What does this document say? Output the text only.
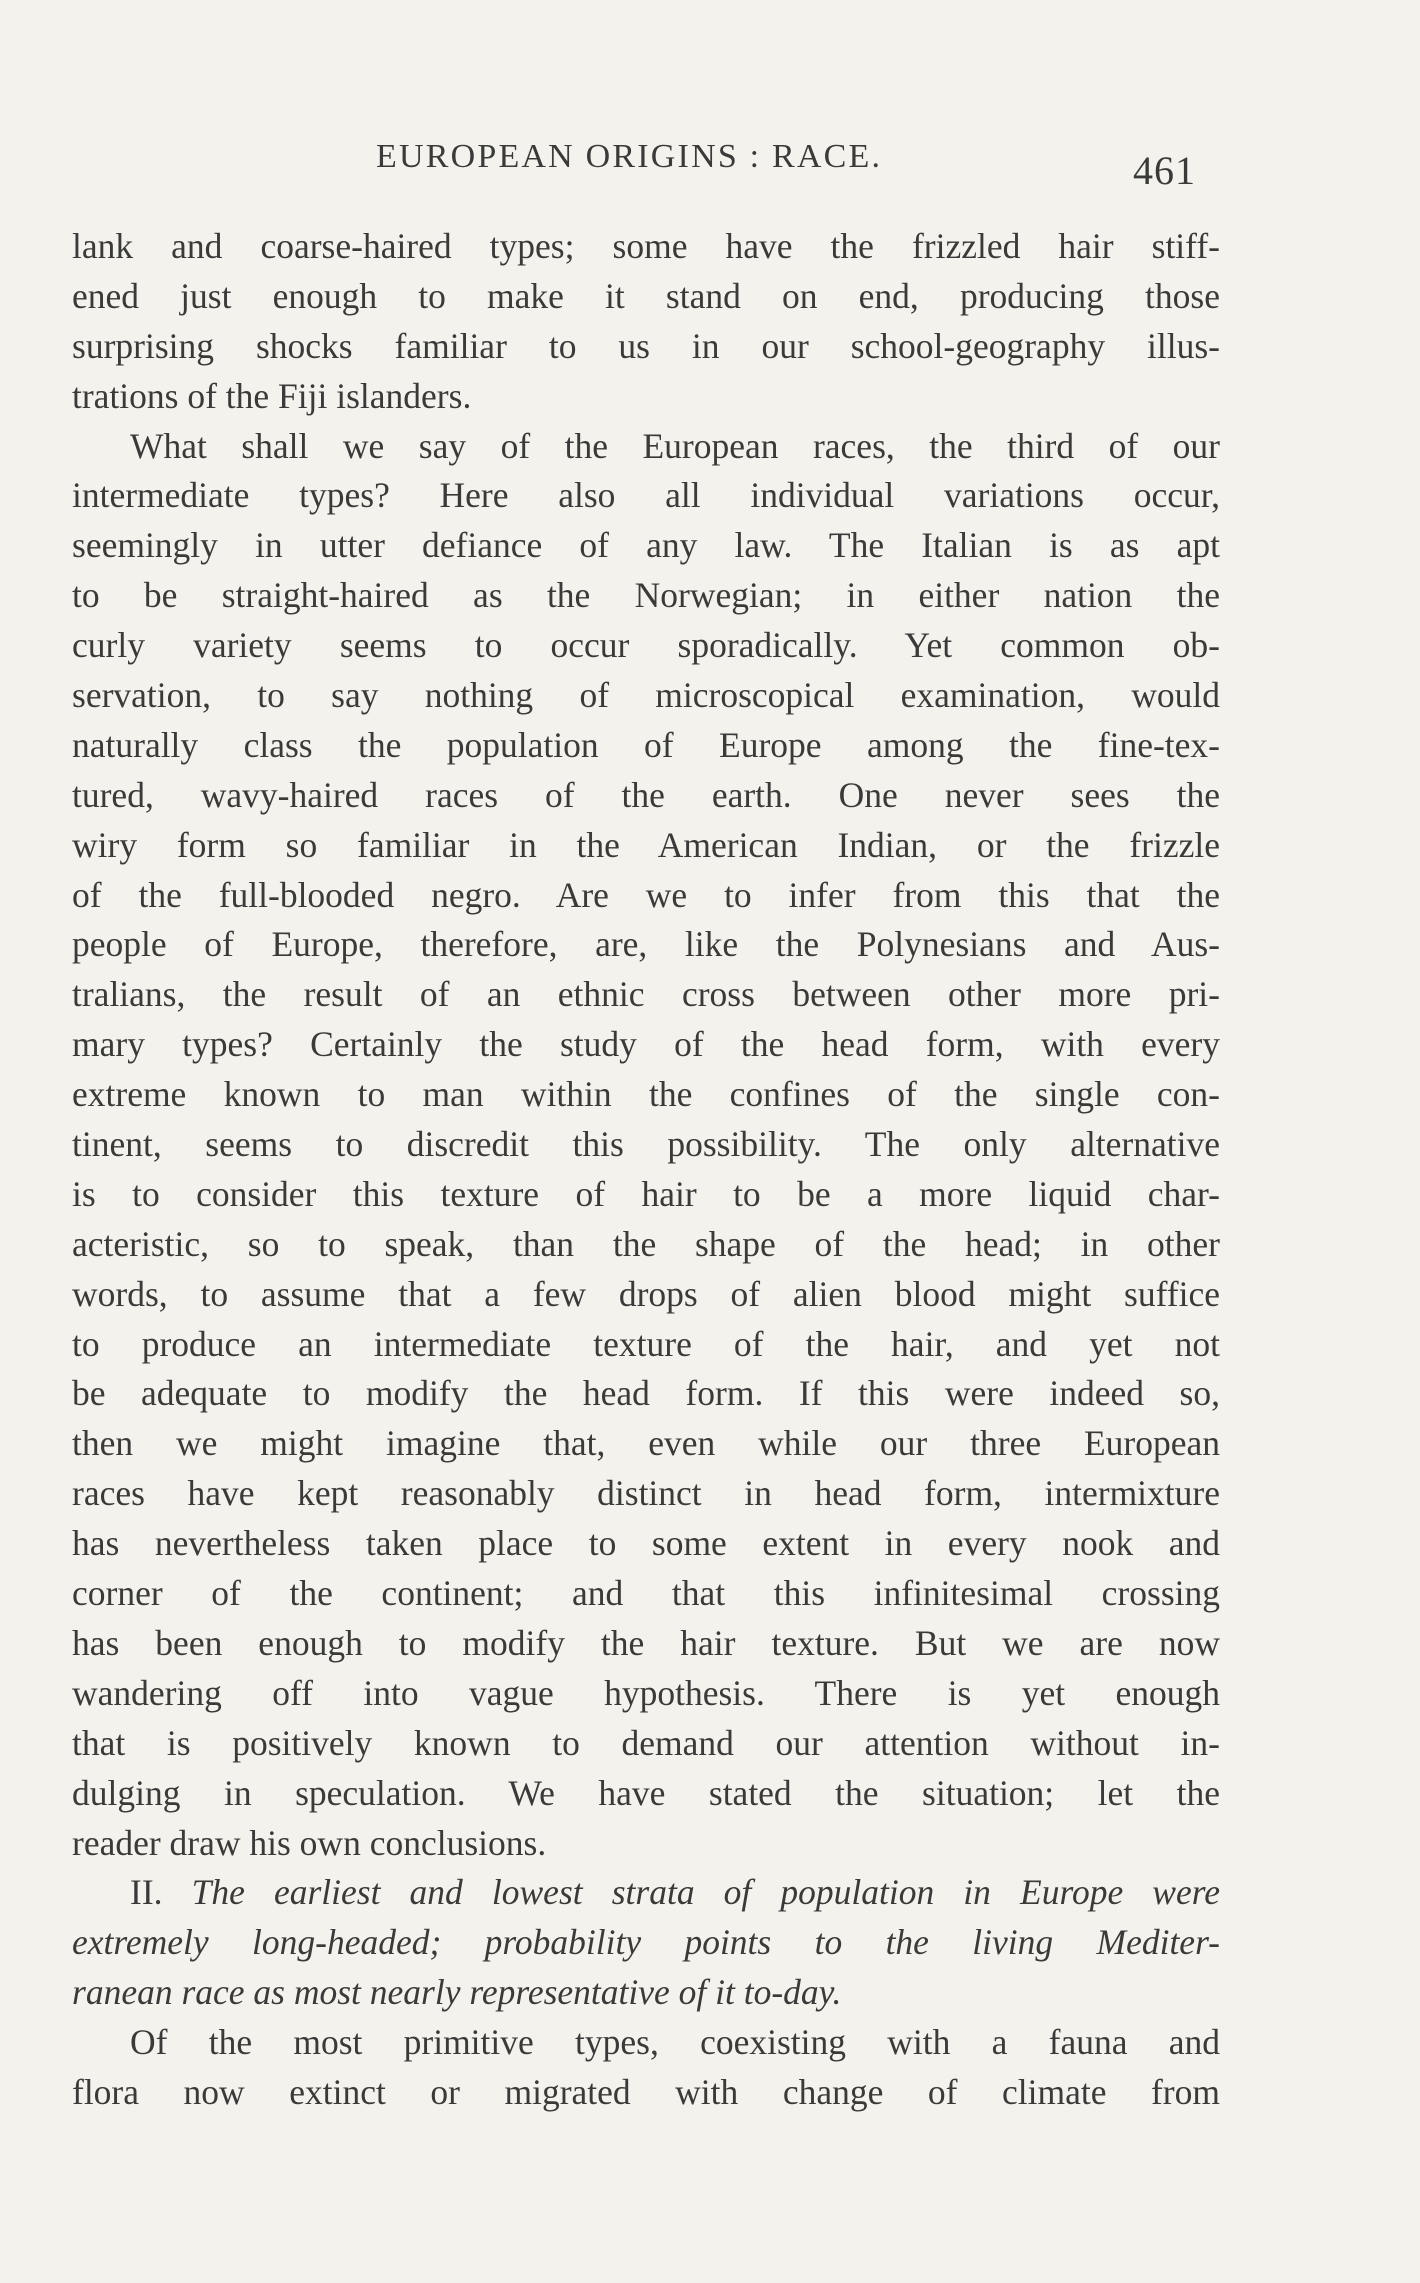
EUROPEAN ORIGINS : RACE.	461
lank and coarse-haired types; some have the frizzled hair stiff-
ened just enough to make it stand on end, producing those
surprising shocks familiar to us in our school-geography illus-
trations of the Fiji islanders.
What shall we say of the European races, the third of our
intermediate types? Here also all individual variations occur,
seemingly in utter defiance of any law. The Italian is as apt
to be straight-haired as the Norwegian; in either nation the
curly variety seems to occur sporadically. Yet common ob-
servation, to say nothing of microscopical examination, would
naturally class the population of Europe among the fine-tex-
tured, wavy-haired races of the earth. One never sees the
wiry form so familiar in the American Indian, or the frizzle
of the full-blooded negro. Are we to infer from this that the
people of Europe, therefore, are, like the Polynesians and Aus-
tralians, the result of an ethnic cross between other more pri-
mary types? Certainly the study of the head form, with every
extreme known to man within the confines of the single con-
tinent, seems to discredit this possibility. The only alternative
is to consider this texture of hair to be a more liquid char-
acteristic, so to speak, than the shape of the head; in other
words, to assume that a few drops of alien blood might suffice
to produce an intermediate texture of the hair, and yet not
be adequate to modify the head form. If this were indeed so,
then we might imagine that, even while our three European
races have kept reasonably distinct in head form, intermixture
has nevertheless taken place to some extent in every nook and
corner of the continent; and that this infinitesimal crossing
has been enough to modify the hair texture. But we are now
wandering off into vague hypothesis. There is yet enough
that is positively known to demand our attention without in-
dulging in speculation. We have stated the situation; let the
reader draw his own conclusions.
II. The earliest and lowest strata of population in Europe were
extremely long-headed; probability points to the living Mediter-
ranean race as most nearly representative of it to-day.
Of the most primitive types, coexisting with a fauna and
flora now extinct or migrated with change of climate from
